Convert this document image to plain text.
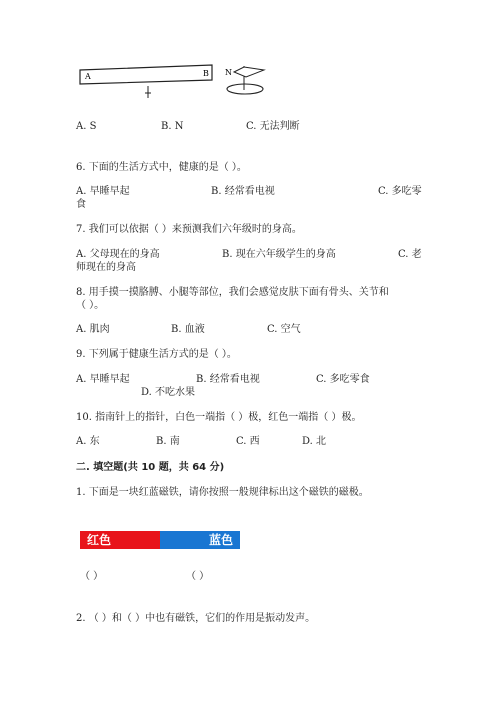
A	B N
A. S	B. N	C. 无法判断
6. 下面的生活方式中，健康的是（ ）。
A. 早睡早起	B. 经常看电视	C. 多吃零
食
7. 我们可以依据（ ）来预测我们六年级时的身高。
A. 父母现在的身高	B. 现在六年级学生的身高	C. 老
师现在的身高
8. 用手摸一摸胳膊、小腿等部位，我们会感觉皮肤下面有骨头、关节和
（ ）。
A. 肌肉	B. 血液	C. 空气
9. 下列属于健康生活方式的是（ ）。
A. 早睡早起	B. 经常看电视	C. 多吃零食
D. 不吃水果
10. 指南针上的指针，白色一端指（ ）极，红色一端指（ ）极。
A. 东	B. 南	C. 西	D. 北
二. 填空题(共 10 题，共 64 分)
1. 下面是一块红蓝磁铁，请你按照一般规律标出这个磁铁的磁极。
红色	蓝色
（ ）	（ ）
2. （ ）和（ ）中也有磁铁，它们的作用是振动发声。
